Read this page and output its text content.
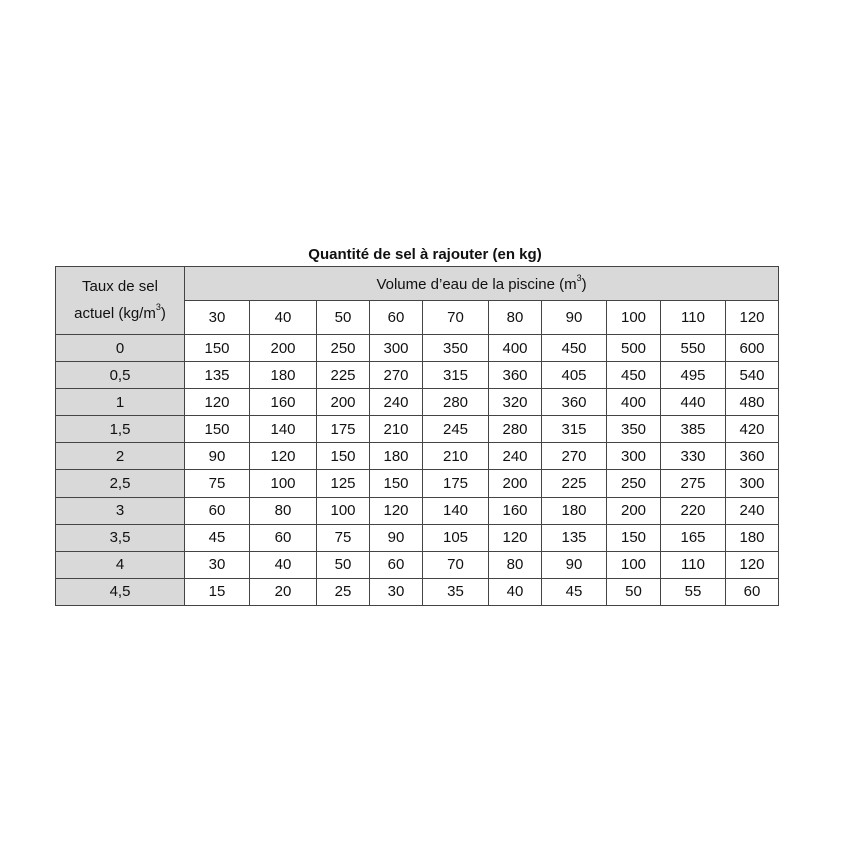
Quantité de sel à rajouter (en kg)
Taux de sel
actuel $(kg/m^3)$	Volume d’eau de la piscine $(m^3)$									
	30	40	50	60	70	80	90	100	110	120
0	150	200	250	300	350	400	450	500	550	600
0,5	135	180	225	270	315	360	405	450	495	540
1	120	160	200	240	280	320	360	400	440	480
1,5	150	140	175	210	245	280	315	350	385	420
2	90	120	150	180	210	240	270	300	330	360
2,5	75	100	125	150	175	200	225	250	275	300
3	60	80	100	120	140	160	180	200	220	240
3,5	45	60	75	90	105	120	135	150	165	180
4	30	40	50	60	70	80	90	100	110	120
4,5	15	20	25	30	35	40	45	50	55	60
